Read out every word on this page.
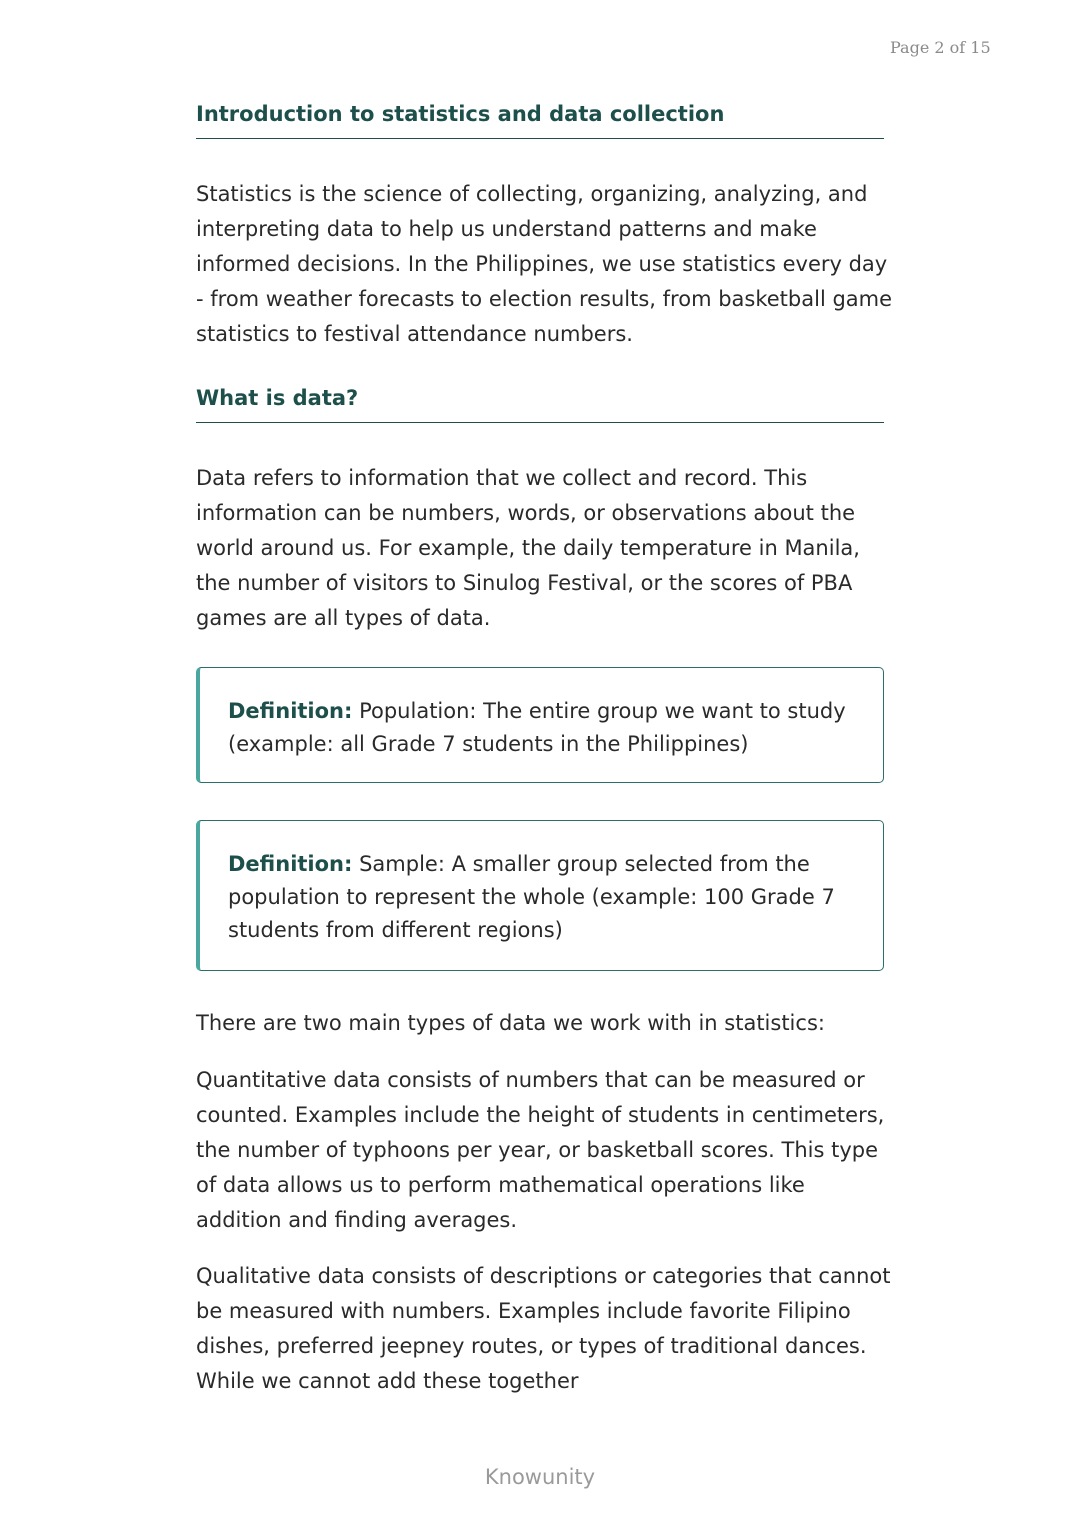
Page 2 of 15
Introduction to statistics and data collection

Statistics is the science of collecting, organizing, analyzing, and interpreting data to help us understand patterns and make informed decisions. In the Philippines, we use statistics every day - from weather forecasts to election results, from basketball game statistics to festival attendance numbers.

What is data?

Data refers to information that we collect and record. This information can be numbers, words, or observations about the world around us. For example, the daily temperature in Manila, the number of visitors to Sinulog Festival, or the scores of PBA games are all types of data.

Definition: Population: The entire group we want to study (example: all Grade 7 students in the Philippines)
Definition: Sample: A smaller group selected from the population to represent the whole (example: 100 Grade 7 students from different regions)

There are two main types of data we work with in statistics:

Quantitative data consists of numbers that can be measured or counted. Examples include the height of students in centimeters, the number of typhoons per year, or basketball scores. This type of data allows us to perform mathematical operations like addition and finding averages.

Qualitative data consists of descriptions or categories that cannot be measured with numbers. Examples include favorite Filipino dishes, preferred jeepney routes, or types of traditional dances. While we cannot add these together

Knowunity
